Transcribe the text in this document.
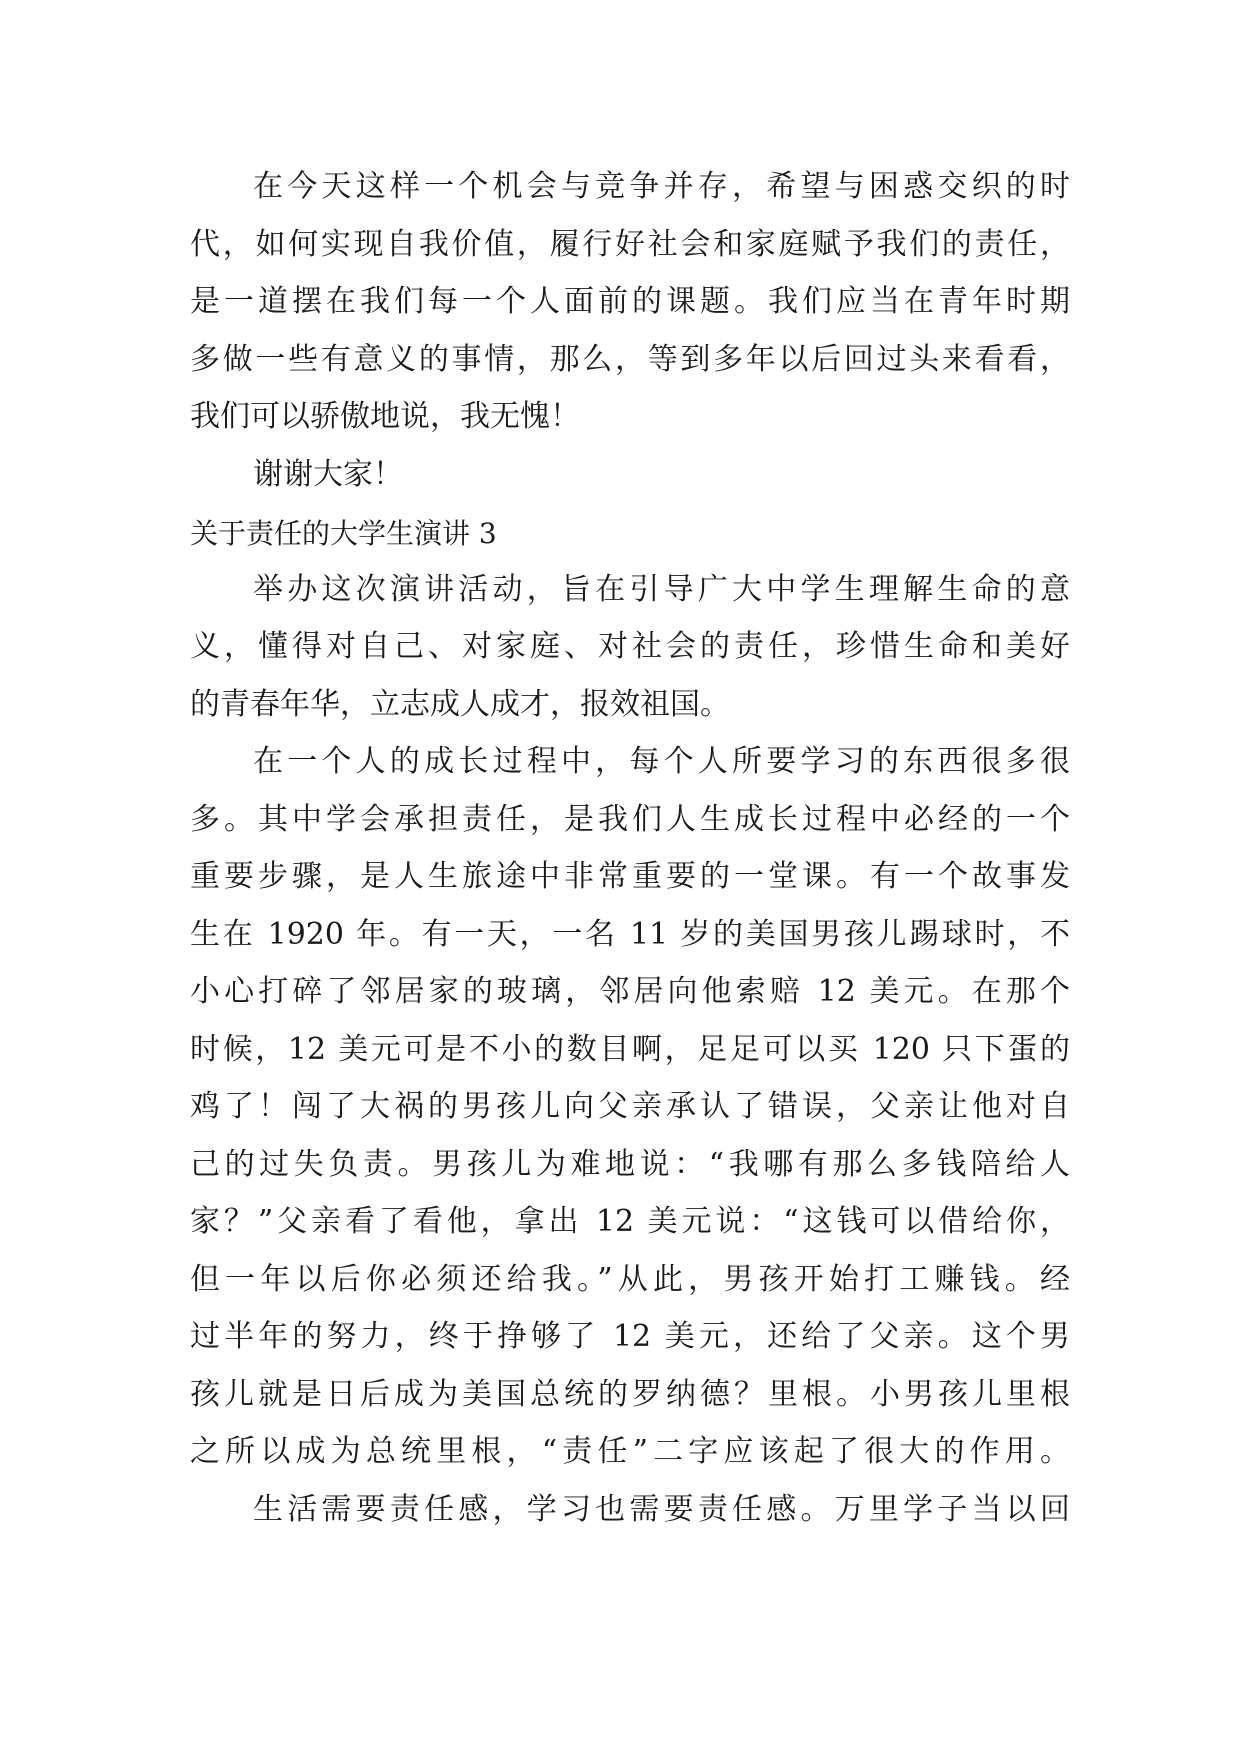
在今天这样一个机会与竞争并存，希望与困惑交织的时
代，如何实现自我价值，履行好社会和家庭赋予我们的责任，
是一道摆在我们每一个人面前的课题。我们应当在青年时期
多做一些有意义的事情，那么，等到多年以后回过头来看看，
我们可以骄傲地说，我无愧！
谢谢大家！
关于责任的大学生演讲 3
举办这次演讲活动，旨在引导广大中学生理解生命的意
义，懂得对自己、对家庭、对社会的责任，珍惜生命和美好
的青春年华，立志成人成才，报效祖国。
在一个人的成长过程中，每个人所要学习的东西很多很
多。其中学会承担责任，是我们人生成长过程中必经的一个
重要步骤，是人生旅途中非常重要的一堂课。有一个故事发
生在 1920 年。有一天，一名 11 岁的美国男孩儿踢球时，不
小心打碎了邻居家的玻璃，邻居向他索赔 12 美元。在那个
时候，12 美元可是不小的数目啊，足足可以买 120 只下蛋的
鸡了！闯了大祸的男孩儿向父亲承认了错误，父亲让他对自
己的过失负责。男孩儿为难地说：“我哪有那么多钱陪给人
家？”父亲看了看他，拿出 12 美元说：“这钱可以借给你，
但一年以后你必须还给我。”从此，男孩开始打工赚钱。经
过半年的努力，终于挣够了 12 美元，还给了父亲。这个男
孩儿就是日后成为美国总统的罗纳德？里根。小男孩儿里根
之所以成为总统里根，“责任”二字应该起了很大的作用。
生活需要责任感，学习也需要责任感。万里学子当以回
